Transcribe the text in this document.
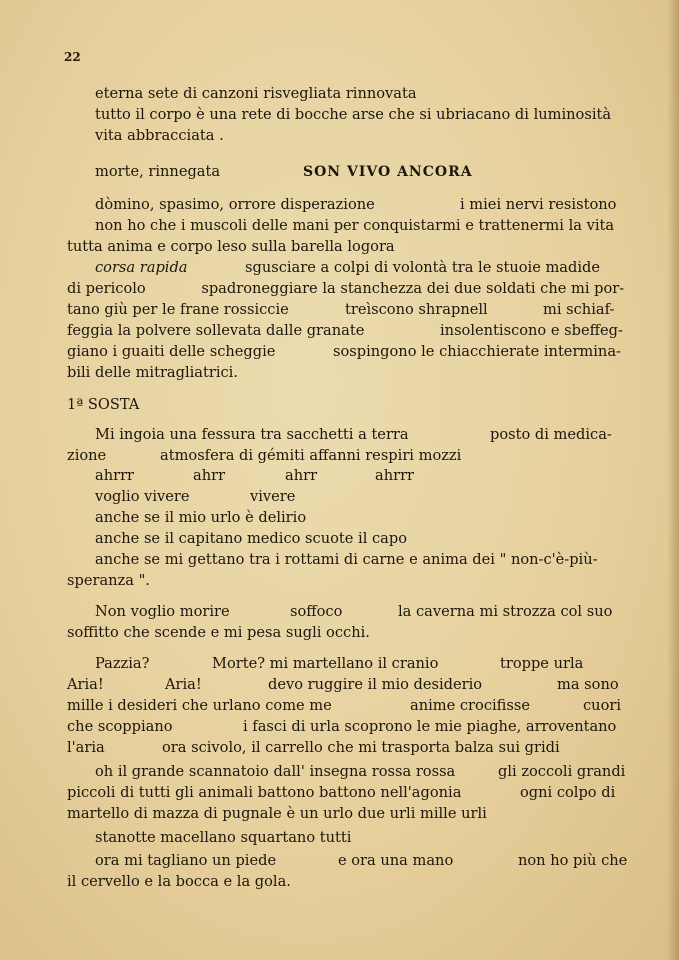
22
eterna sete di canzoni risvegliata rinnovata
tutto il corpo è una rete di bocche arse che si ubriacano di luminosità
vita abbracciata .
morte, rinnegata	SON VIVO ANCORA
dòmino, spasimo, orrore disperazione	i miei nervi resistono
non ho che i muscoli delle mani per conquistarmi e trattenermi la vita
tutta anima e corpo leso sulla barella logora
corsa rapida	sgusciare a colpi di volontà tra le stuoie madide
di pericolo            spadroneggiare la stanchezza dei due soldati che mi por-
tano giù per le frane rossiccie	treìscono shrapnell	mi schiaf-
feggia la polvere sollevata dalle granate	insolentiscono e sbeffeg-
giano i guaiti delle scheggie	sospingono le chiacchierate intermina-
bili delle mitragliatrici.
1ª SOSTA
Mi ingoia una fessura tra sacchetti a terra	posto di medica-
zione	atmosfera di gémiti affanni respiri mozzi
ahrrr	ahrr	ahrr	ahrrr
voglio vivere	vivere
anche se il mio urlo è delirio
anche se il capitano medico scuote il capo
anche se mi gettano tra i rottami di carne e anima dei " non-c'è-più-
speranza ".
Non voglio morire	soffoco	la caverna mi strozza col suo
soffitto che scende e mi pesa sugli occhi.
Pazzia?	Morte? mi martellano il cranio	troppe urla
Aria!	Aria!	devo ruggire il mio desiderio	ma sono
mille i desideri che urlano come me	anime crocifisse	cuori
che scoppiano	i fasci di urla scoprono le mie piaghe, arroventano
l'aria	ora scivolo, il carrello che mi trasporta balza sui gridi
oh il grande scannatoio dall' insegna rossa rossa	gli zoccoli grandi
piccoli di tutti gli animali battono battono nell'agonia	ogni colpo di
martello di mazza di pugnale è un urlo due urli mille urli
stanotte macellano squartano tutti
ora mi tagliano un piede	e ora una mano	non ho più che
il cervello e la bocca e la gola.
